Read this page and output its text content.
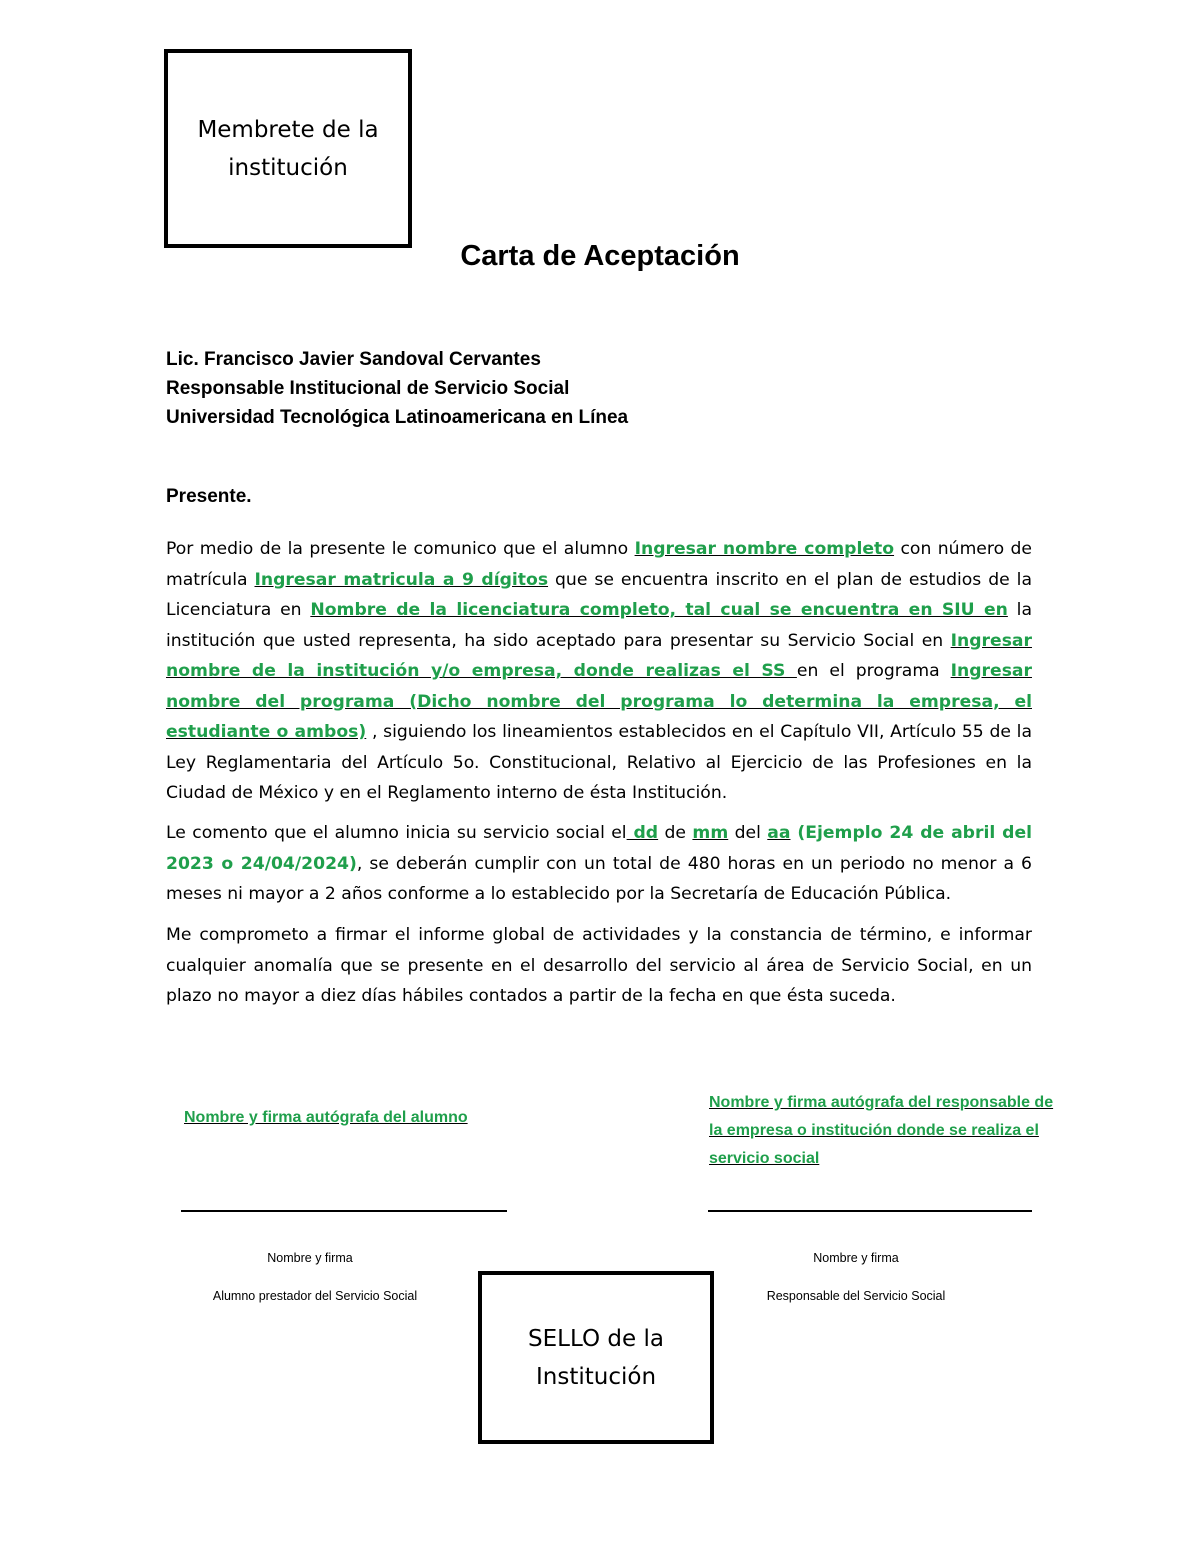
Membrete de la institución
Carta de Aceptación
Lic. Francisco Javier Sandoval Cervantes
Responsable Institucional de Servicio Social
Universidad Tecnológica Latinoamericana en Línea
Presente.
Por medio de la presente le comunico que el alumno Ingresar nombre completo con número de matrícula Ingresar matricula a 9 dígitos que se encuentra inscrito en el plan de estudios de la Licenciatura en Nombre de la licenciatura completo, tal cual se encuentra en SIU en la institución que usted representa, ha sido aceptado para presentar su Servicio Social en Ingresar nombre de la institución y/o empresa, donde realizas el SS en el programa Ingresar nombre del programa (Dicho nombre del programa lo determina la empresa, el estudiante o ambos) , siguiendo los lineamientos establecidos en el Capítulo VII, Artículo 55 de la Ley Reglamentaria del Artículo 5o. Constitucional, Relativo al Ejercicio de las Profesiones en la Ciudad de México y en el Reglamento interno de ésta Institución.
Le comento que el alumno inicia su servicio social el dd de mm del aa (Ejemplo 24 de abril del 2023 o 24/04/2024), se deberán cumplir con un total de 480 horas en un periodo no menor a 6 meses ni mayor a 2 años conforme a lo establecido por la Secretaría de Educación Pública.
Me comprometo a firmar el informe global de actividades y la constancia de término, e informar cualquier anomalía que se presente en el desarrollo del servicio al área de Servicio Social, en un plazo no mayor a diez días hábiles contados a partir de la fecha en que ésta suceda.
Nombre y firma autógrafa del alumno
Nombre y firma autógrafa del responsable de la empresa o institución donde se realiza el servicio social
Nombre y firma
Alumno prestador del Servicio Social
Nombre y firma
Responsable del Servicio Social
SELLO de la Institución
